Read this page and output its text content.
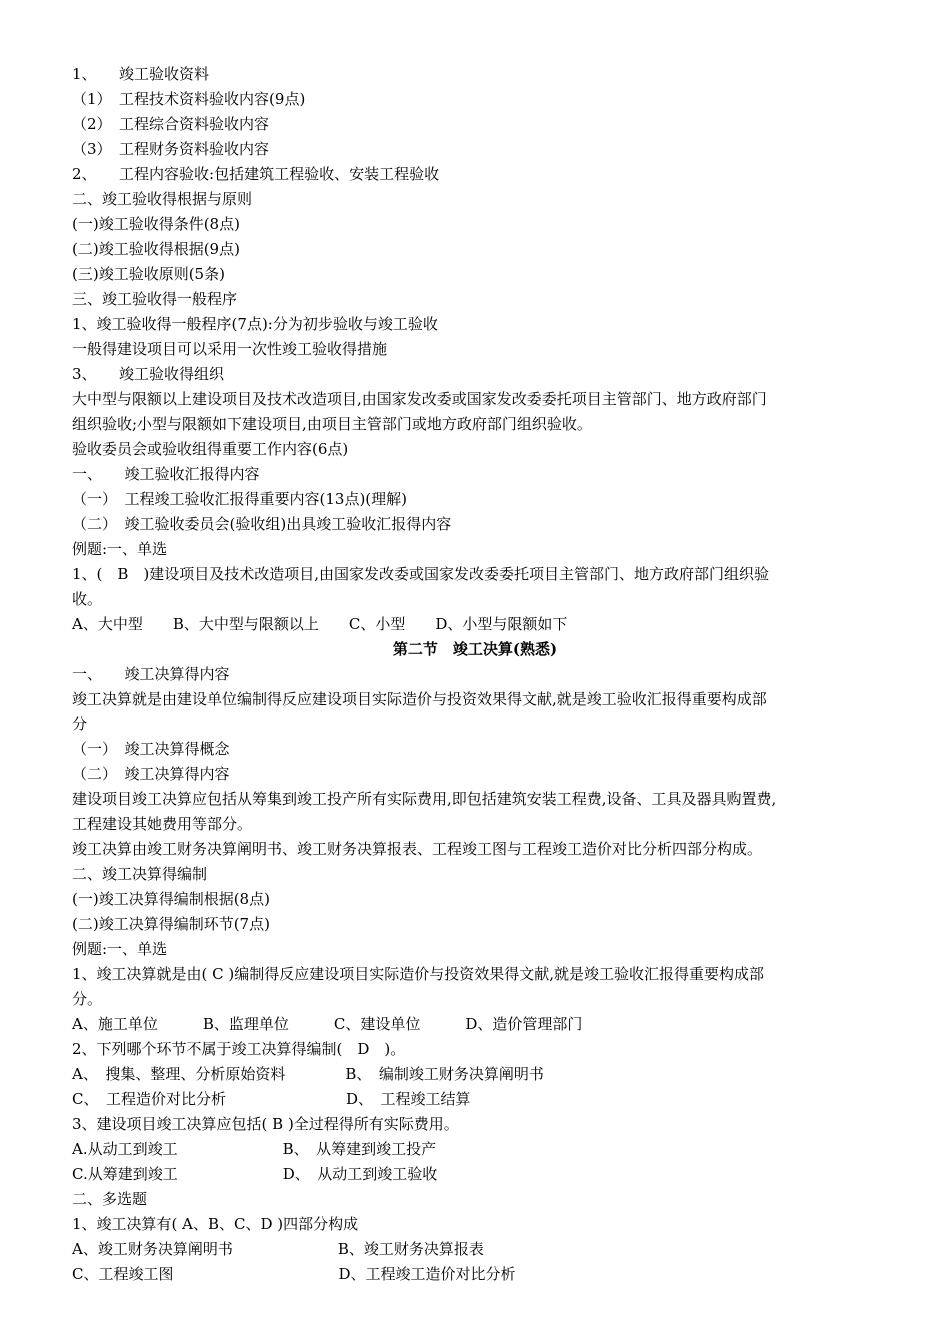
1、　　竣工验收资料
（1）　工程技术资料验收内容(9点)
（2）　工程综合资料验收内容
（3）　工程财务资料验收内容
2、　　工程内容验收:包括建筑工程验收、安装工程验收
二、竣工验收得根据与原则
(一)竣工验收得条件(8点)
(二)竣工验收得根据(9点)
(三)竣工验收原则(5条)
三、竣工验收得一般程序
1、竣工验收得一般程序(7点):分为初步验收与竣工验收
一般得建设项目可以采用一次性竣工验收得措施
3、　　竣工验收得组织
大中型与限额以上建设项目及技术改造项目,由国家发改委或国家发改委委托项目主管部门、地方政府部门
组织验收;小型与限额如下建设项目,由项目主管部门或地方政府部门组织验收。
验收委员会或验收组得重要工作内容(6点)
一、　　竣工验收汇报得内容
（一）　工程竣工验收汇报得重要内容(13点)(理解)
（二）　竣工验收委员会(验收组)出具竣工验收汇报得内容
例题:一、单选
1、(　B　)建设项目及技术改造项目,由国家发改委或国家发改委委托项目主管部门、地方政府部门组织验
收。
A、大中型　　B、大中型与限额以上　　C、小型　　D、小型与限额如下
第二节　竣工决算(熟悉)
一、　　竣工决算得内容
竣工决算就是由建设单位编制得反应建设项目实际造价与投资效果得文献,就是竣工验收汇报得重要构成部
分
（一）　竣工决算得概念
（二）　竣工决算得内容
建设项目竣工决算应包括从筹集到竣工投产所有实际费用,即包括建筑安装工程费,设备、工具及器具购置费,
工程建设其她费用等部分。
竣工决算由竣工财务决算阐明书、竣工财务决算报表、工程竣工图与工程竣工造价对比分析四部分构成。
二、竣工决算得编制
(一)竣工决算得编制根据(8点)
(二)竣工决算得编制环节(7点)
例题:一、单选
1、竣工决算就是由( C )编制得反应建设项目实际造价与投资效果得文献,就是竣工验收汇报得重要构成部
分。
A、施工单位　　　B、监理单位　　　C、建设单位　　　D、造价管理部门
2、下列哪个环节不属于竣工决算得编制(　D　)。
A、　搜集、整理、分析原始资料　　　　B、　编制竣工财务决算阐明书
C、　工程造价对比分析　　　　　　　　D、　工程竣工结算
3、建设项目竣工决算应包括( B )全过程得所有实际费用。
A.从动工到竣工　　　　　　　B、　从筹建到竣工投产
C.从筹建到竣工　　　　　　　D、　从动工到竣工验收
二、多选题
1、竣工决算有( A、B、C、D )四部分构成
A、竣工财务决算阐明书　　　　　　　B、竣工财务决算报表
C、工程竣工图　　　　　　　　　　　D、工程竣工造价对比分析
